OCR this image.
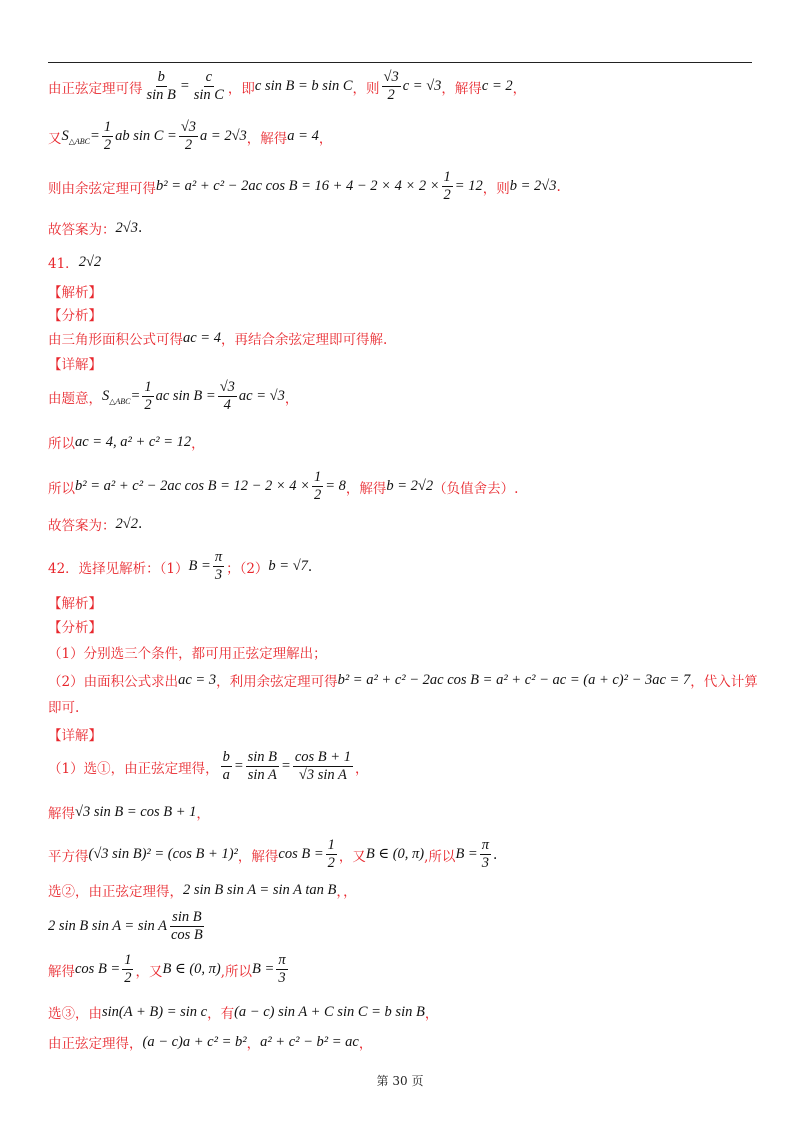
由正弦定理可得 $\frac{b}{\text{sin B}} = \frac{c}{\text{sin C}}$ ，即 c sin B = b sin C ，则 $\frac{√3}{2}$ c = √3 ，解得 c = 2 ，
又 $S_{\triangle ABC} = \frac{1}{2}$ ab $\sin C = \frac{√3}{2}$ a = 2√3 ，解得 a = 4 ，
则由余弦定理可得 b² = a² + c² − 2ac $\cos B = 16 + 4 - 2 \times 4 \times 2 \times \frac{1}{2} = 12$ ，则 b = 2√3 .
故答案为： 2√3 .
41． 2√2
【解析】
【分析】
由三角形面积公式可得 ac = 4 ，再结合余弦定理即可得解.
【详解】
由题意， $S_{\triangle ABC} = \frac{1}{2}$ ac $\sin B = \frac{√3}{4}$ ac = √3 ，
所以 ac = 4, a² + c² = 12 ，
所以 b² = a² + c² − 2ac $\cos B = 12 - 2 \times 4 \times \frac{1}{2} = 8$ ，解得 b = 2√2 （负值舍去）.
故答案为： 2√2 .
42．选择见解析：（1） $B = \frac{\pi}{3}$ ；（2） b = √7 .
【解析】
【分析】
（1）分别选三个条件，都可用正弦定理解出；
（2）由面积公式求出 ac = 3 ，利用余弦定理可得 b² = a² + c² − 2ac cos B = a² + c² − ac = (a + c)² − 3ac = 7 ，代入计算
即可.
【详解】
（1）选①，由正弦定理得， $\frac{b}{a} = \frac{\text{sin B}}{\text{sin A}} = \frac{\text{cos B + 1}}{\text{√3 sin A}}$ ，
解得 √3 sin B = cos B + 1 ，
平方得 (√3 sin B)² = (cos B + 1)² ，解得 $\cos B = \frac{1}{2}$ ，又 B ∈ (0, π) ,所以 $B = \frac{\pi}{3}$ .
选②，由正弦定理得， 2 sin B sin A = sin A tan B ，，
2 sin B sin A = sin A $\frac{\text{sin B}}{\text{cos B}}$
解得 $\cos B = \frac{1}{2}$ ，又 B ∈ (0, π) ,所以 $B = \frac{\pi}{3}$
选③，由 sin(A + B) = sin c ，有 (a − c) sin A + C sin C = b sin B ，
由正弦定理得， (a − c)a + c² = b² ， a² + c² − b² = ac ，
第 30 页
